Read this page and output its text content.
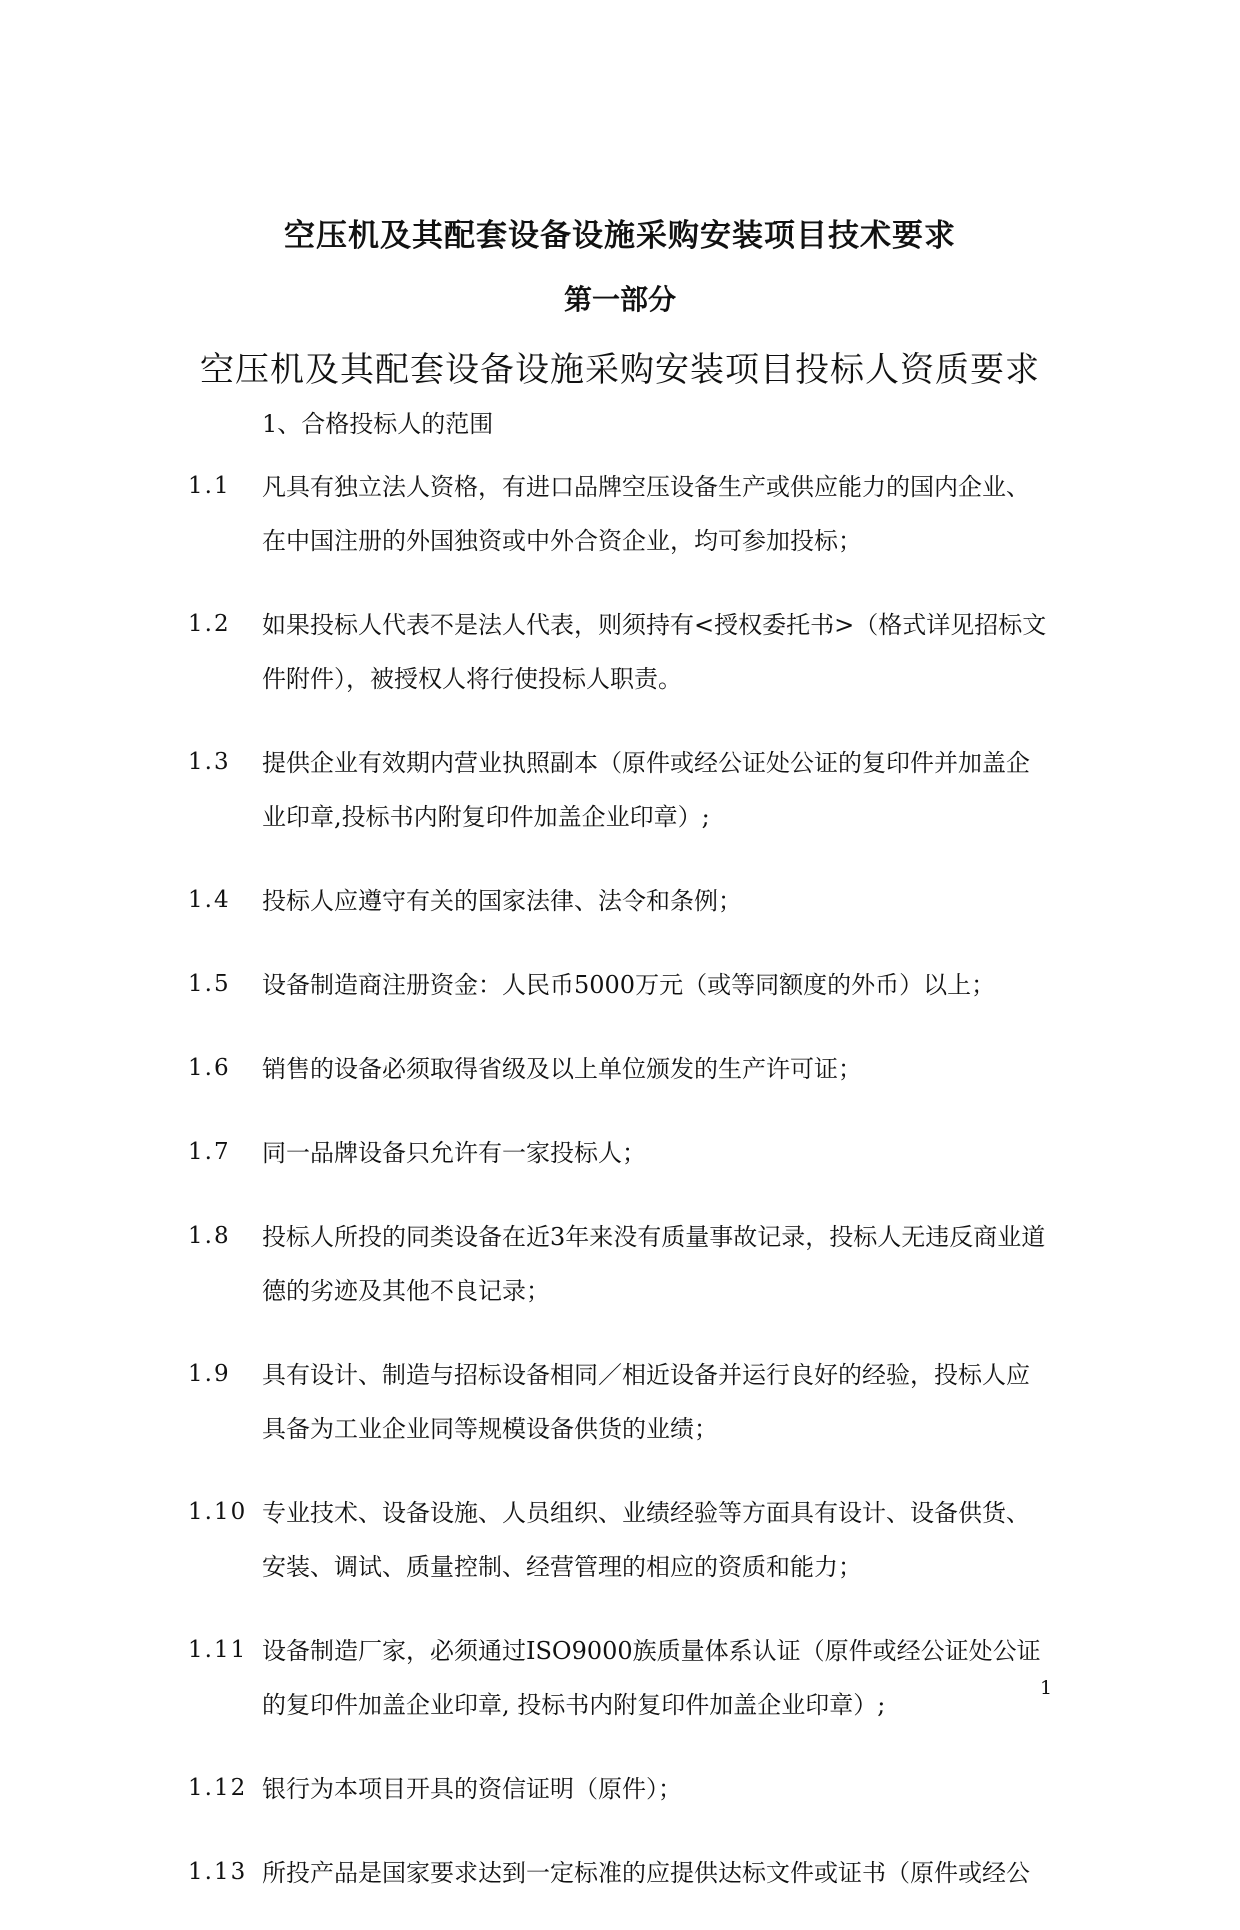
空压机及其配套设备设施采购安装项目技术要求
第一部分
空压机及其配套设备设施采购安装项目投标人资质要求
1、合格投标人的范围
1.1 凡具有独立法人资格，有进口品牌空压设备生产或供应能力的国内企业、在中国注册的外国独资或中外合资企业，均可参加投标；
1.2 如果投标人代表不是法人代表，则须持有<授权委托书>（格式详见招标文件附件），被授权人将行使投标人职责。
1.3 提供企业有效期内营业执照副本（原件或经公证处公证的复印件并加盖企业印章,投标书内附复印件加盖企业印章）;
1.4 投标人应遵守有关的国家法律、法令和条例；
1.5 设备制造商注册资金：人民币5000万元（或等同额度的外币）以上；
1.6 销售的设备必须取得省级及以上单位颁发的生产许可证；
1.7 同一品牌设备只允许有一家投标人；
1.8 投标人所投的同类设备在近3年来没有质量事故记录，投标人无违反商业道德的劣迹及其他不良记录；
1.9 具有设计、制造与招标设备相同／相近设备并运行良好的经验，投标人应具备为工业企业同等规模设备供货的业绩；
1.10 专业技术、设备设施、人员组织、业绩经验等方面具有设计、设备供货、安装、调试、质量控制、经营管理的相应的资质和能力；
1.11 设备制造厂家，必须通过ISO9000族质量体系认证（原件或经公证处公证的复印件加盖企业印章, 投标书内附复印件加盖企业印章）;
1.12 银行为本项目开具的资信证明（原件）；
1.13 所投产品是国家要求达到一定标准的应提供达标文件或证书（原件或经公
1
